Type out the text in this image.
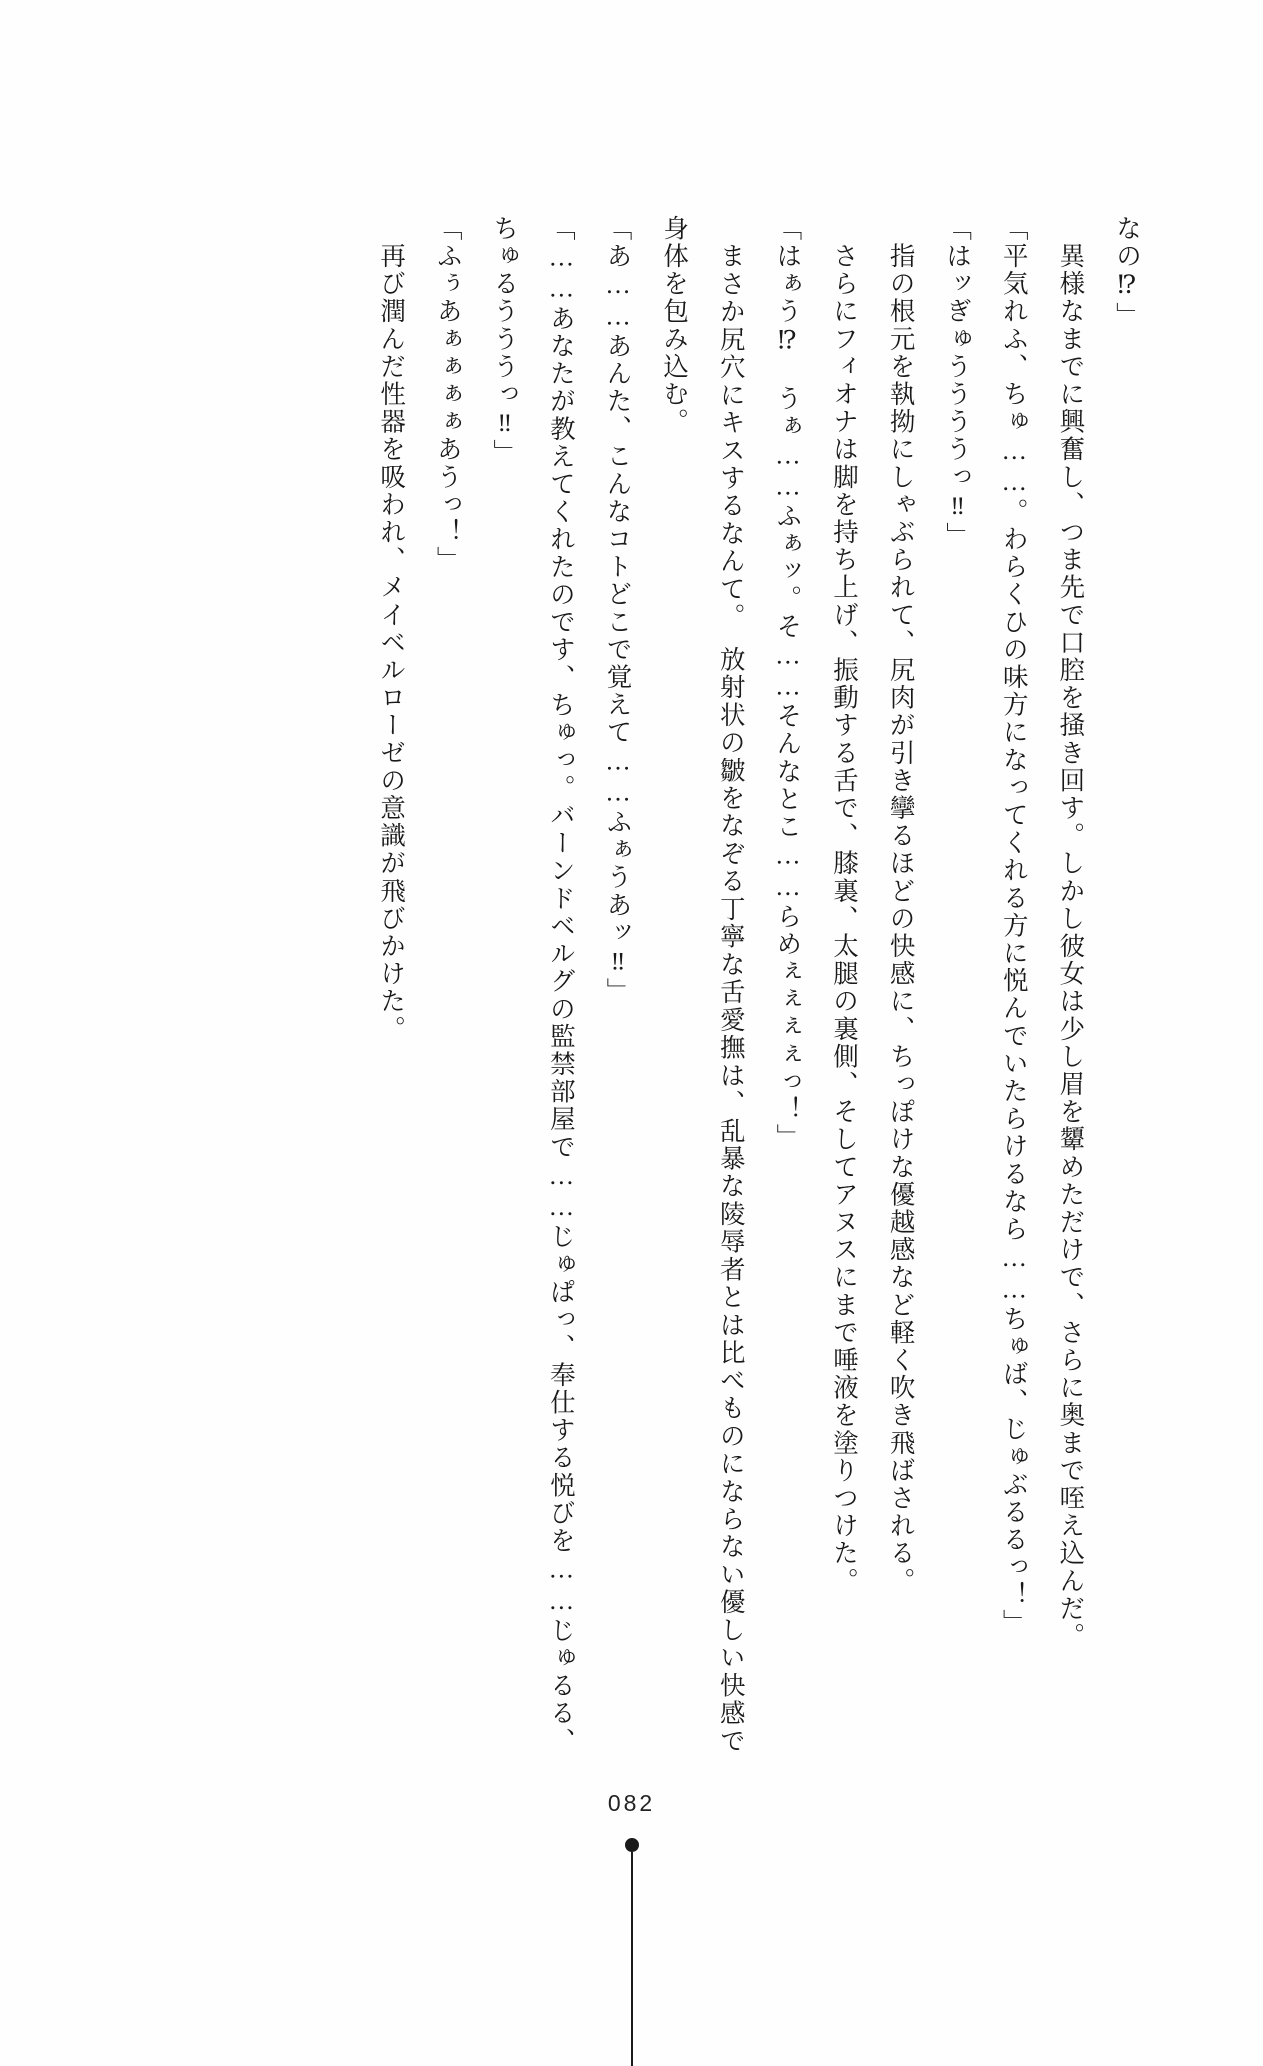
なの⁉」

　異様なまでに興奮し、つま先で口腔を掻き回す。しかし彼女は少し眉を顰めただけで、さらに奥まで咥え込んだ。

「平気れふ、ちゅ……。わらくひの味方になってくれる方に悦んでいたらけるなら……ちゅば、じゅぶるるっ！」

「はッぎゅううううっ‼」

　指の根元を執拗にしゃぶられて、尻肉が引き攣るほどの快感に、ちっぽけな優越感など軽く吹き飛ばされる。

　さらにフィオナは脚を持ち上げ、振動する舌で、膝裏、太腿の裏側、そしてアヌスにまで唾液を塗りつけた。

「はぁう⁉　うぁ……ふぁッ。そ……そんなとこ……らめぇぇぇぇっ！」

　まさか尻穴にキスするなんて。　放射状の皺をなぞる丁寧な舌愛撫は、乱暴な陵辱者とは比べものにならない優しい快感で身体を包み込む。

「あ……あんた、こんなコトどこで覚えて……ふぁうあッ‼」

「……あなたが教えてくれたのです、ちゅっ。バーンドベルグの監禁部屋で……じゅぱっ、奉仕する悦びを……じゅるる、ちゅるうううっ‼」

「ふぅあぁぁぁぁあうっ！」

　再び潤んだ性器を吸われ、メイベルローゼの意識が飛びかけた。

082
